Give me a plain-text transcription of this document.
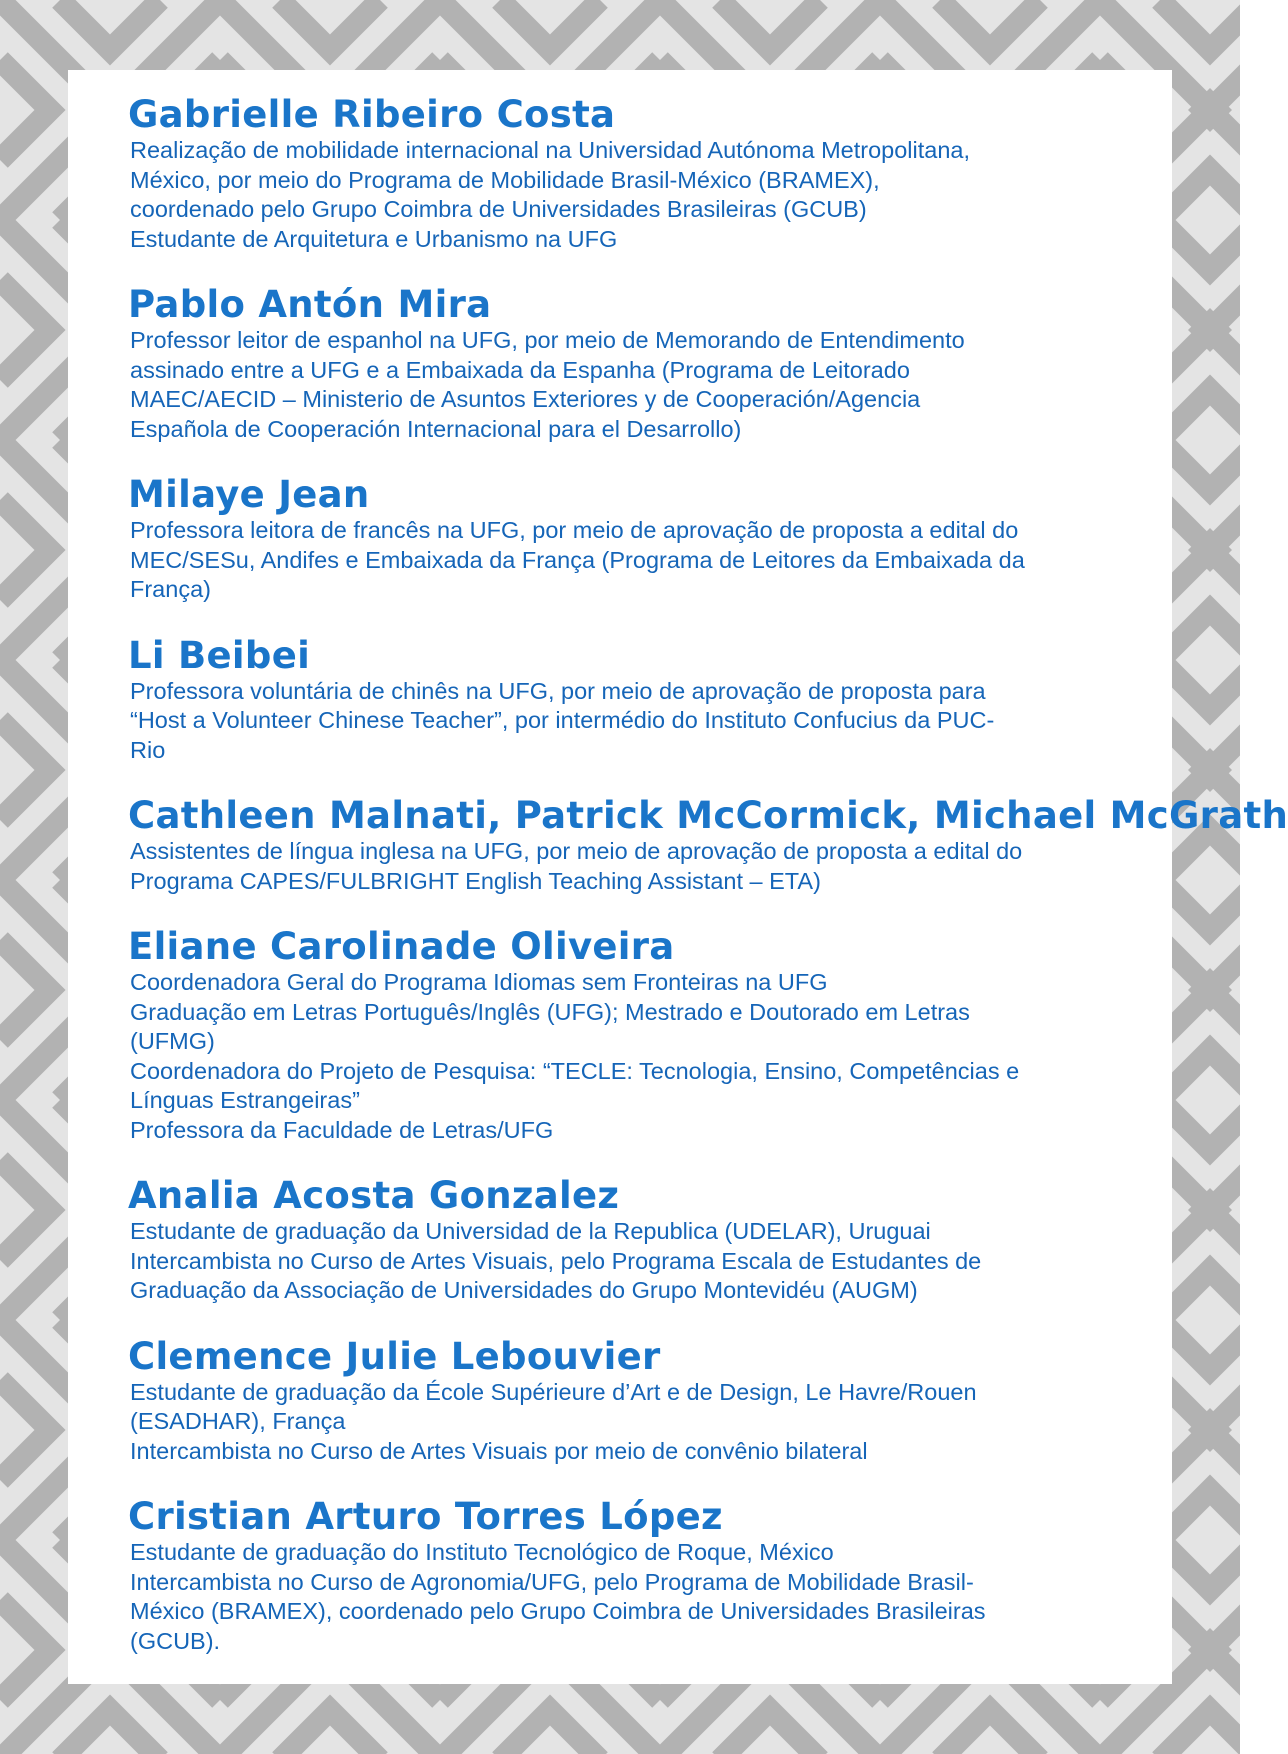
Gabrielle Ribeiro Costa
Realização de mobilidade internacional na Universidad Autónoma Metropolitana,
México, por meio do Programa de Mobilidade Brasil-México (BRAMEX),
coordenado pelo Grupo Coimbra de Universidades Brasileiras (GCUB)
Estudante de Arquitetura e Urbanismo na UFG
Pablo Antón Mira
Professor leitor de espanhol na UFG, por meio de Memorando de Entendimento
assinado entre a UFG e a Embaixada da Espanha (Programa de Leitorado
MAEC/AECID – Ministerio de Asuntos Exteriores y de Cooperación/Agencia
Española de Cooperación Internacional para el Desarrollo)
Milaye Jean
Professora leitora de francês na UFG, por meio de aprovação de proposta a edital do
MEC/SESu, Andifes e Embaixada da França (Programa de Leitores da Embaixada da
França)
Li Beibei
Professora voluntária de chinês na UFG, por meio de aprovação de proposta para
“Host a Volunteer Chinese Teacher”, por intermédio do Instituto Confucius da PUC-
Rio
Cathleen Malnati, Patrick McCormick, Michael McGrath
Assistentes de língua inglesa na UFG, por meio de aprovação de proposta a edital do
Programa CAPES/FULBRIGHT English Teaching Assistant – ETA)
Eliane Carolinade Oliveira
Coordenadora Geral do Programa Idiomas sem Fronteiras na UFG
Graduação em Letras Português/Inglês (UFG); Mestrado e Doutorado em Letras
(UFMG)
Coordenadora do Projeto de Pesquisa: “TECLE: Tecnologia, Ensino, Competências e
Línguas Estrangeiras”
Professora da Faculdade de Letras/UFG
Analia Acosta Gonzalez
Estudante de graduação da Universidad de la Republica (UDELAR), Uruguai
Intercambista no Curso de Artes Visuais, pelo Programa Escala de Estudantes de
Graduação da Associação de Universidades do Grupo Montevidéu (AUGM)
Clemence Julie Lebouvier
Estudante de graduação da École Supérieure d’Art e de Design, Le Havre/Rouen
(ESADHAR), França
Intercambista no Curso de Artes Visuais por meio de convênio bilateral
Cristian Arturo Torres López
Estudante de graduação do Instituto Tecnológico de Roque, México
Intercambista no Curso de Agronomia/UFG, pelo Programa de Mobilidade Brasil-
México (BRAMEX), coordenado pelo Grupo Coimbra de Universidades Brasileiras
(GCUB).
